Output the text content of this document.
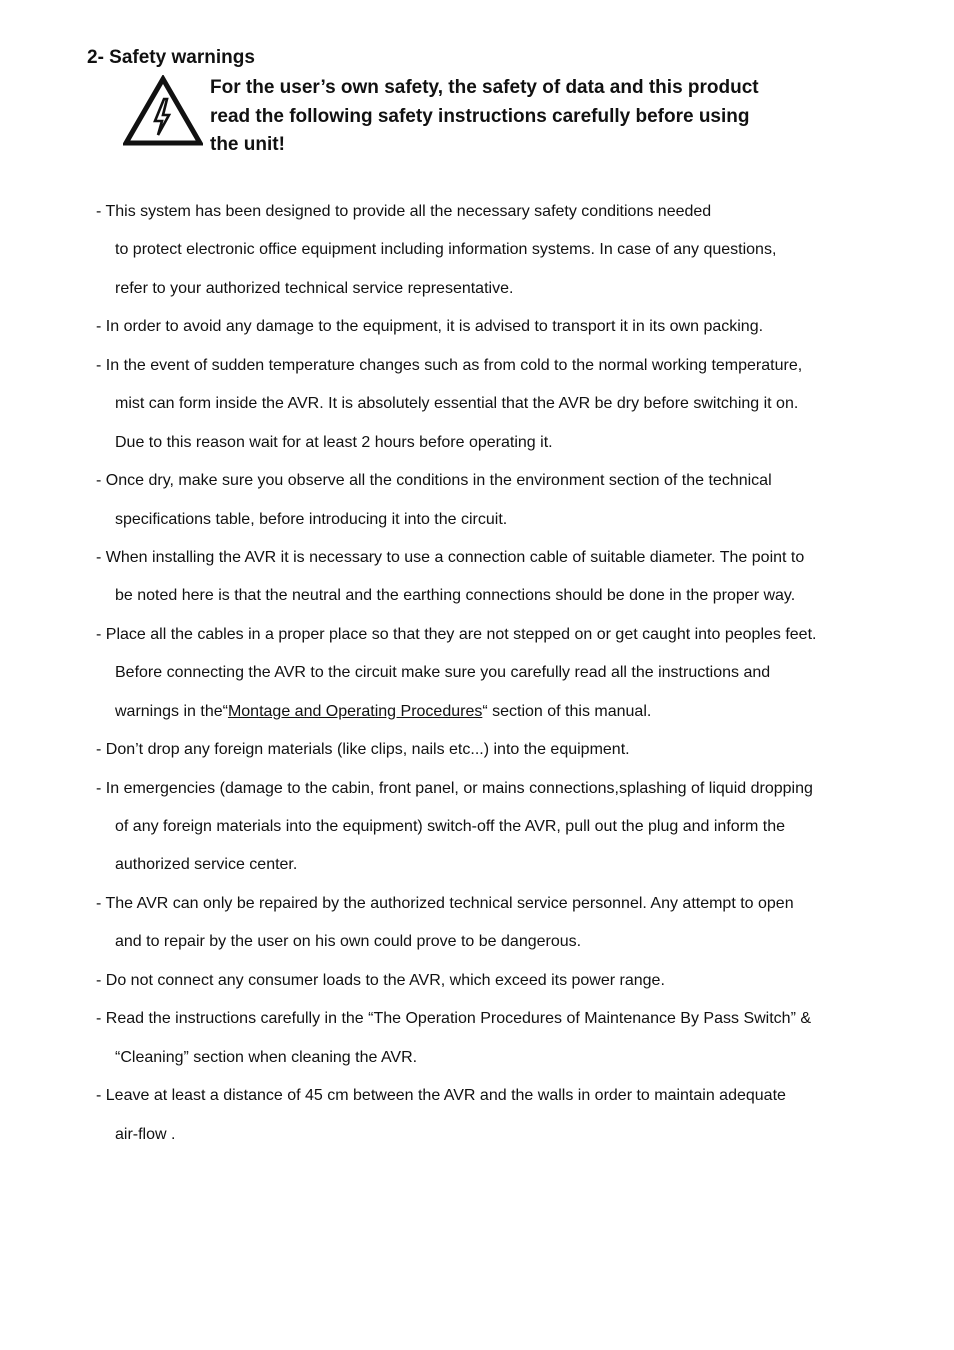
2- Safety warnings
For the user’s own safety, the safety of data and this product
read the following safety instructions carefully before using
the unit!
- This system has been designed to provide all the necessary safety conditions needed
to protect electronic office equipment including information systems. In case of any questions,
refer to your authorized technical service representative.
- In order to avoid any damage to the equipment, it is advised to transport it in its own packing.
- In the event of sudden temperature changes such as from cold to the normal working temperature,
mist can form inside the AVR. It is absolutely essential that the AVR be dry before switching it on.
Due to this reason wait for at least 2 hours before operating it.
- Once dry, make sure you observe all the conditions in the environment section of the technical
specifications table, before introducing it into the circuit.
- When installing the AVR it is necessary to use a connection cable of suitable diameter. The point to
be noted here is that the neutral and the earthing connections should be done in the proper way.
- Place all the cables in a proper place so that they are not stepped on or get caught into peoples feet.
Before connecting the AVR to the circuit make sure you carefully read all the instructions and
warnings in the“Montage and Operating Procedures“ section of this manual.
- Don’t drop any foreign materials (like clips, nails etc...) into the equipment.
- In emergencies (damage to the cabin, front panel, or mains connections,splashing of liquid dropping
of any foreign materials into the equipment) switch-off the AVR, pull out the plug and inform the
authorized service center.
- The AVR can only be repaired by the authorized technical service personnel. Any attempt to open
and to repair by the user on his own could prove to be dangerous.
- Do not connect any consumer loads to the AVR, which exceed its power range.
- Read the instructions carefully in the “The Operation Procedures of Maintenance By Pass Switch” &
“Cleaning” section when cleaning the AVR.
- Leave at least a distance of 45 cm between the AVR and the walls in order to maintain adequate
air-flow .
